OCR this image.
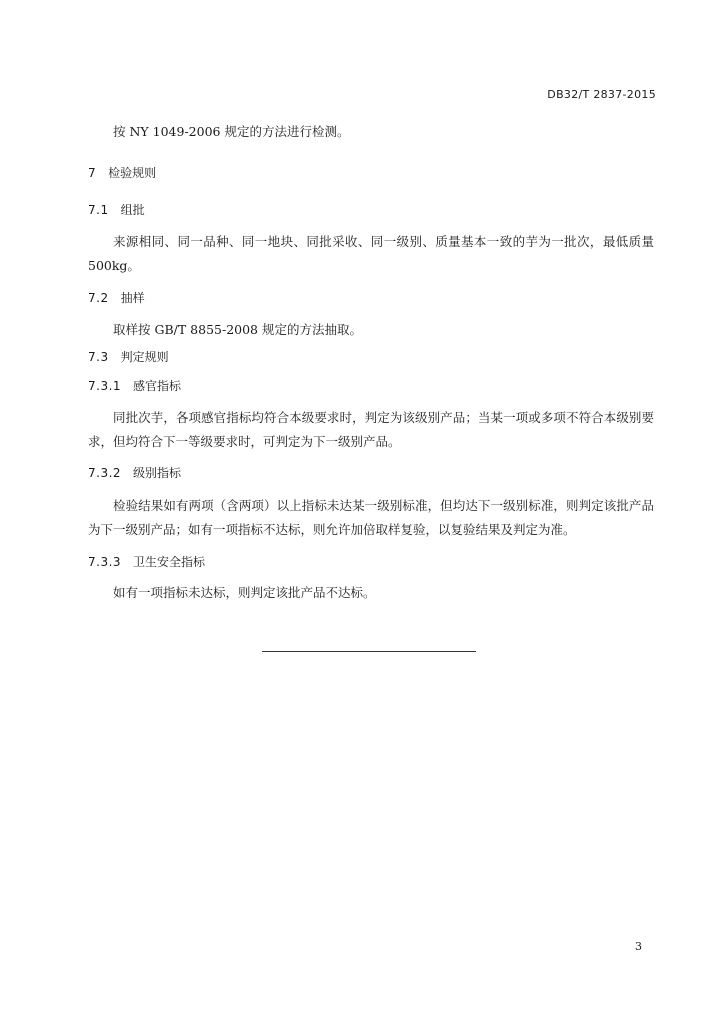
DB32/T 2837-2015

按 NY 1049-2006 规定的方法进行检测。

7 检验规则
7.1 组批

来源相同、同一品种、同一地块、同批采收、同一级别、质量基本一致的芋为一批次，最低质量500kg。

7.2 抽样

取样按 GB/T 8855-2008 规定的方法抽取。

7.3 判定规则
7.3.1 感官指标

同批次芋，各项感官指标均符合本级要求时，判定为该级别产品；当某一项或多项不符合本级别要求，但均符合下一等级要求时，可判定为下一级别产品。

7.3.2 级别指标

检验结果如有两项（含两项）以上指标未达某一级别标准，但均达下一级别标准，则判定该批产品为下一级别产品；如有一项指标不达标，则允许加倍取样复验，以复验结果及判定为准。

7.3.3 卫生安全指标

如有一项指标未达标，则判定该批产品不达标。

3
